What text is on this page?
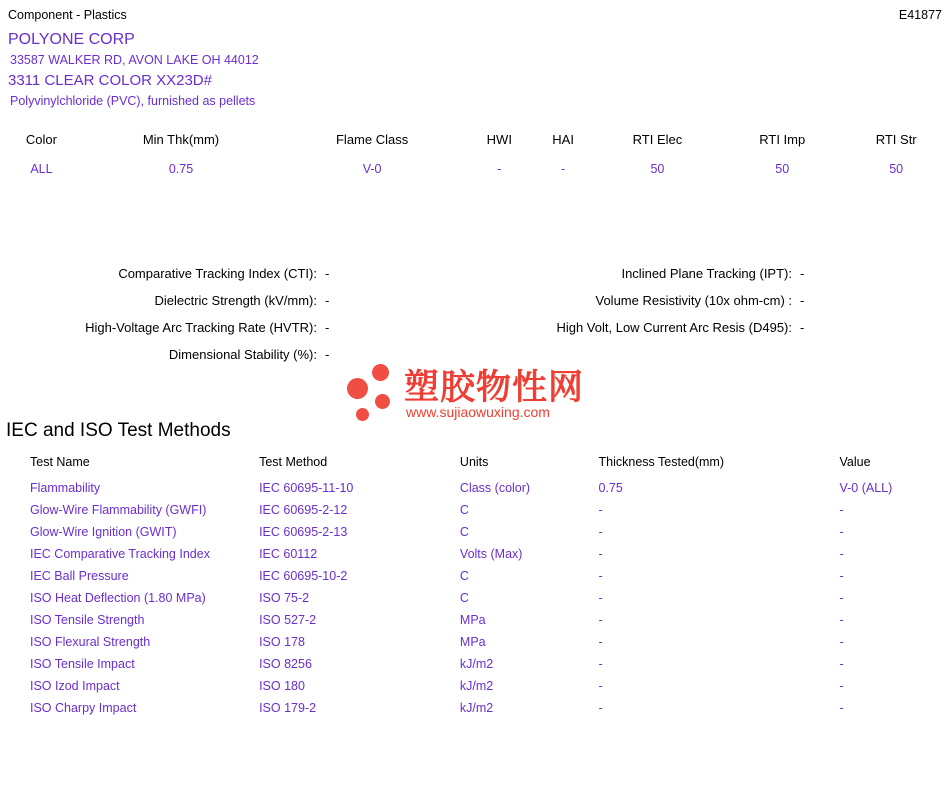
Component - Plastics	E41877
POLYONE CORP
33587 WALKER RD, AVON LAKE OH 44012
3311 CLEAR COLOR XX23D#
Polyvinylchloride (PVC), furnished as pellets
Color	Min Thk(mm)	Flame Class	HWI	HAI	RTI Elec	RTI Imp	RTI Str
ALL	0.75	V-0	-	-	50	50	50
Comparative Tracking Index (CTI): -	Inclined Plane Tracking (IPT): -
Dielectric Strength (kV/mm): -	Volume Resistivity (10x ohm-cm) : -
High-Voltage Arc Tracking Rate (HVTR): -	High Volt, Low Current Arc Resis (D495): -
Dimensional Stability (%): -
塑胶物性网
www.sujiaowuxing.com
IEC and ISO Test Methods
Test Name	Test Method	Units	Thickness Tested(mm)	Value
Flammability	IEC 60695-11-10	Class (color)	0.75	V-0 (ALL)
Glow-Wire Flammability (GWFI)	IEC 60695-2-12	C	-	-
Glow-Wire Ignition (GWIT)	IEC 60695-2-13	C	-	-
IEC Comparative Tracking Index	IEC 60112	Volts (Max)	-	-
IEC Ball Pressure	IEC 60695-10-2	C	-	-
ISO Heat Deflection (1.80 MPa)	ISO 75-2	C	-	-
ISO Tensile Strength	ISO 527-2	MPa	-	-
ISO Flexural Strength	ISO 178	MPa	-	-
ISO Tensile Impact	ISO 8256	kJ/m2	-	-
ISO Izod Impact	ISO 180	kJ/m2	-	-
ISO Charpy Impact	ISO 179-2	kJ/m2	-	-
